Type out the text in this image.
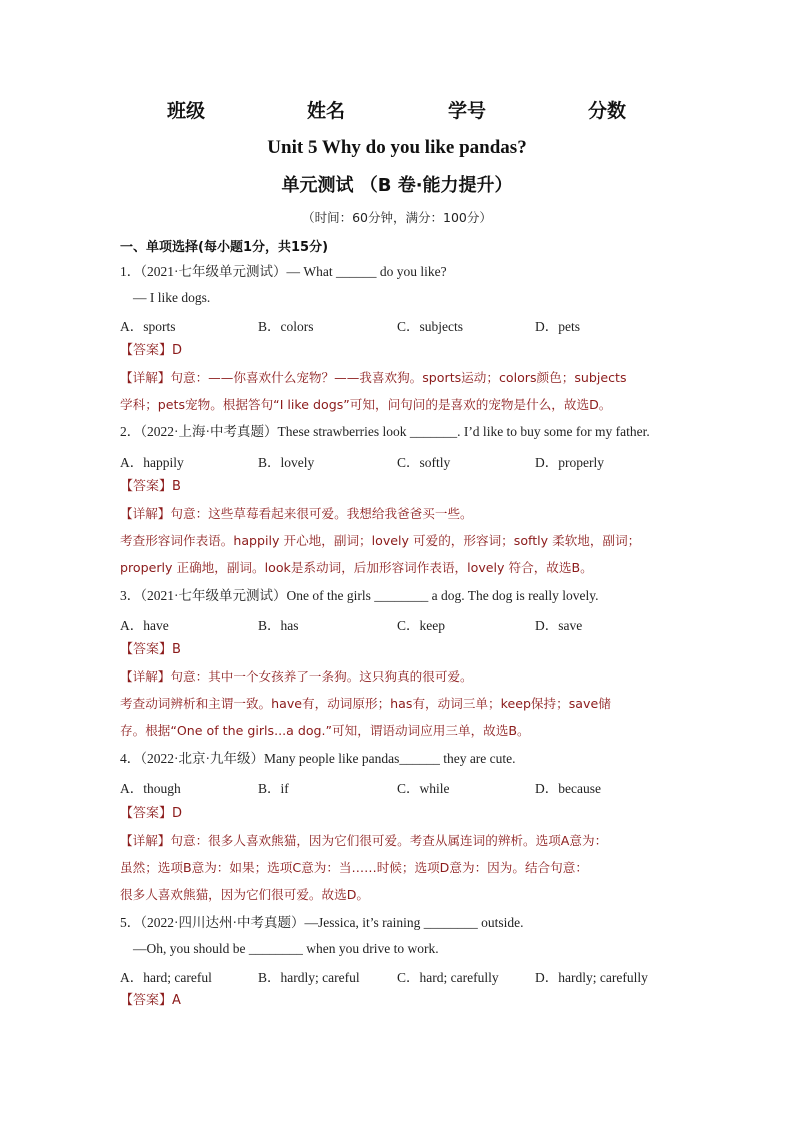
班级	姓名	学号	分数
Unit 5 Why do you like pandas?
单元测试 （B 卷·能力提升）
（时间：60分钟，满分：100分）
一、单项选择(每小题1分，共15分)
1．（2021·七年级单元测试）— What ______ do you like?
— I like dogs.
A．sports	B．colors	C．subjects	D．pets
【答案】D
【详解】句意：——你喜欢什么宠物？——我喜欢狗。sports运动；colors颜色；subjects
学科；pets宠物。根据答句“I like dogs”可知，问句问的是喜欢的宠物是什么，故选D。
2．（2022·上海·中考真题）These strawberries look _______. I’d like to buy some for my father.
A．happily	B．lovely	C．softly	D．properly
【答案】B
【详解】句意：这些草莓看起来很可爱。我想给我爸爸买一些。
考查形容词作表语。happily 开心地，副词；lovely 可爱的，形容词；softly 柔软地，副词；
properly 正确地，副词。look是系动词，后加形容词作表语，lovely 符合，故选B。
3．（2021·七年级单元测试）One of the girls ________ a dog. The dog is really lovely.
A．have	B．has	C．keep	D．save
【答案】B
【详解】句意：其中一个女孩养了一条狗。这只狗真的很可爱。
考查动词辨析和主谓一致。have有，动词原形；has有，动词三单；keep保持；save储
存。根据“One of the girls...a dog.”可知，谓语动词应用三单，故选B。
4．（2022·北京·九年级）Many people like pandas______ they are cute.
A．though	B．if	C．while	D．because
【答案】D
【详解】句意：很多人喜欢熊猫，因为它们很可爱。考查从属连词的辨析。选项A意为：
虽然；选项B意为：如果；选项C意为：当……时候；选项D意为：因为。结合句意：
很多人喜欢熊猫，因为它们很可爱。故选D。
5．（2022·四川达州·中考真题）—Jessica, it’s raining ________ outside.
—Oh, you should be ________ when you drive to work.
A．hard; careful	B．hardly; careful	C．hard; carefully	D．hardly; carefully
【答案】A
